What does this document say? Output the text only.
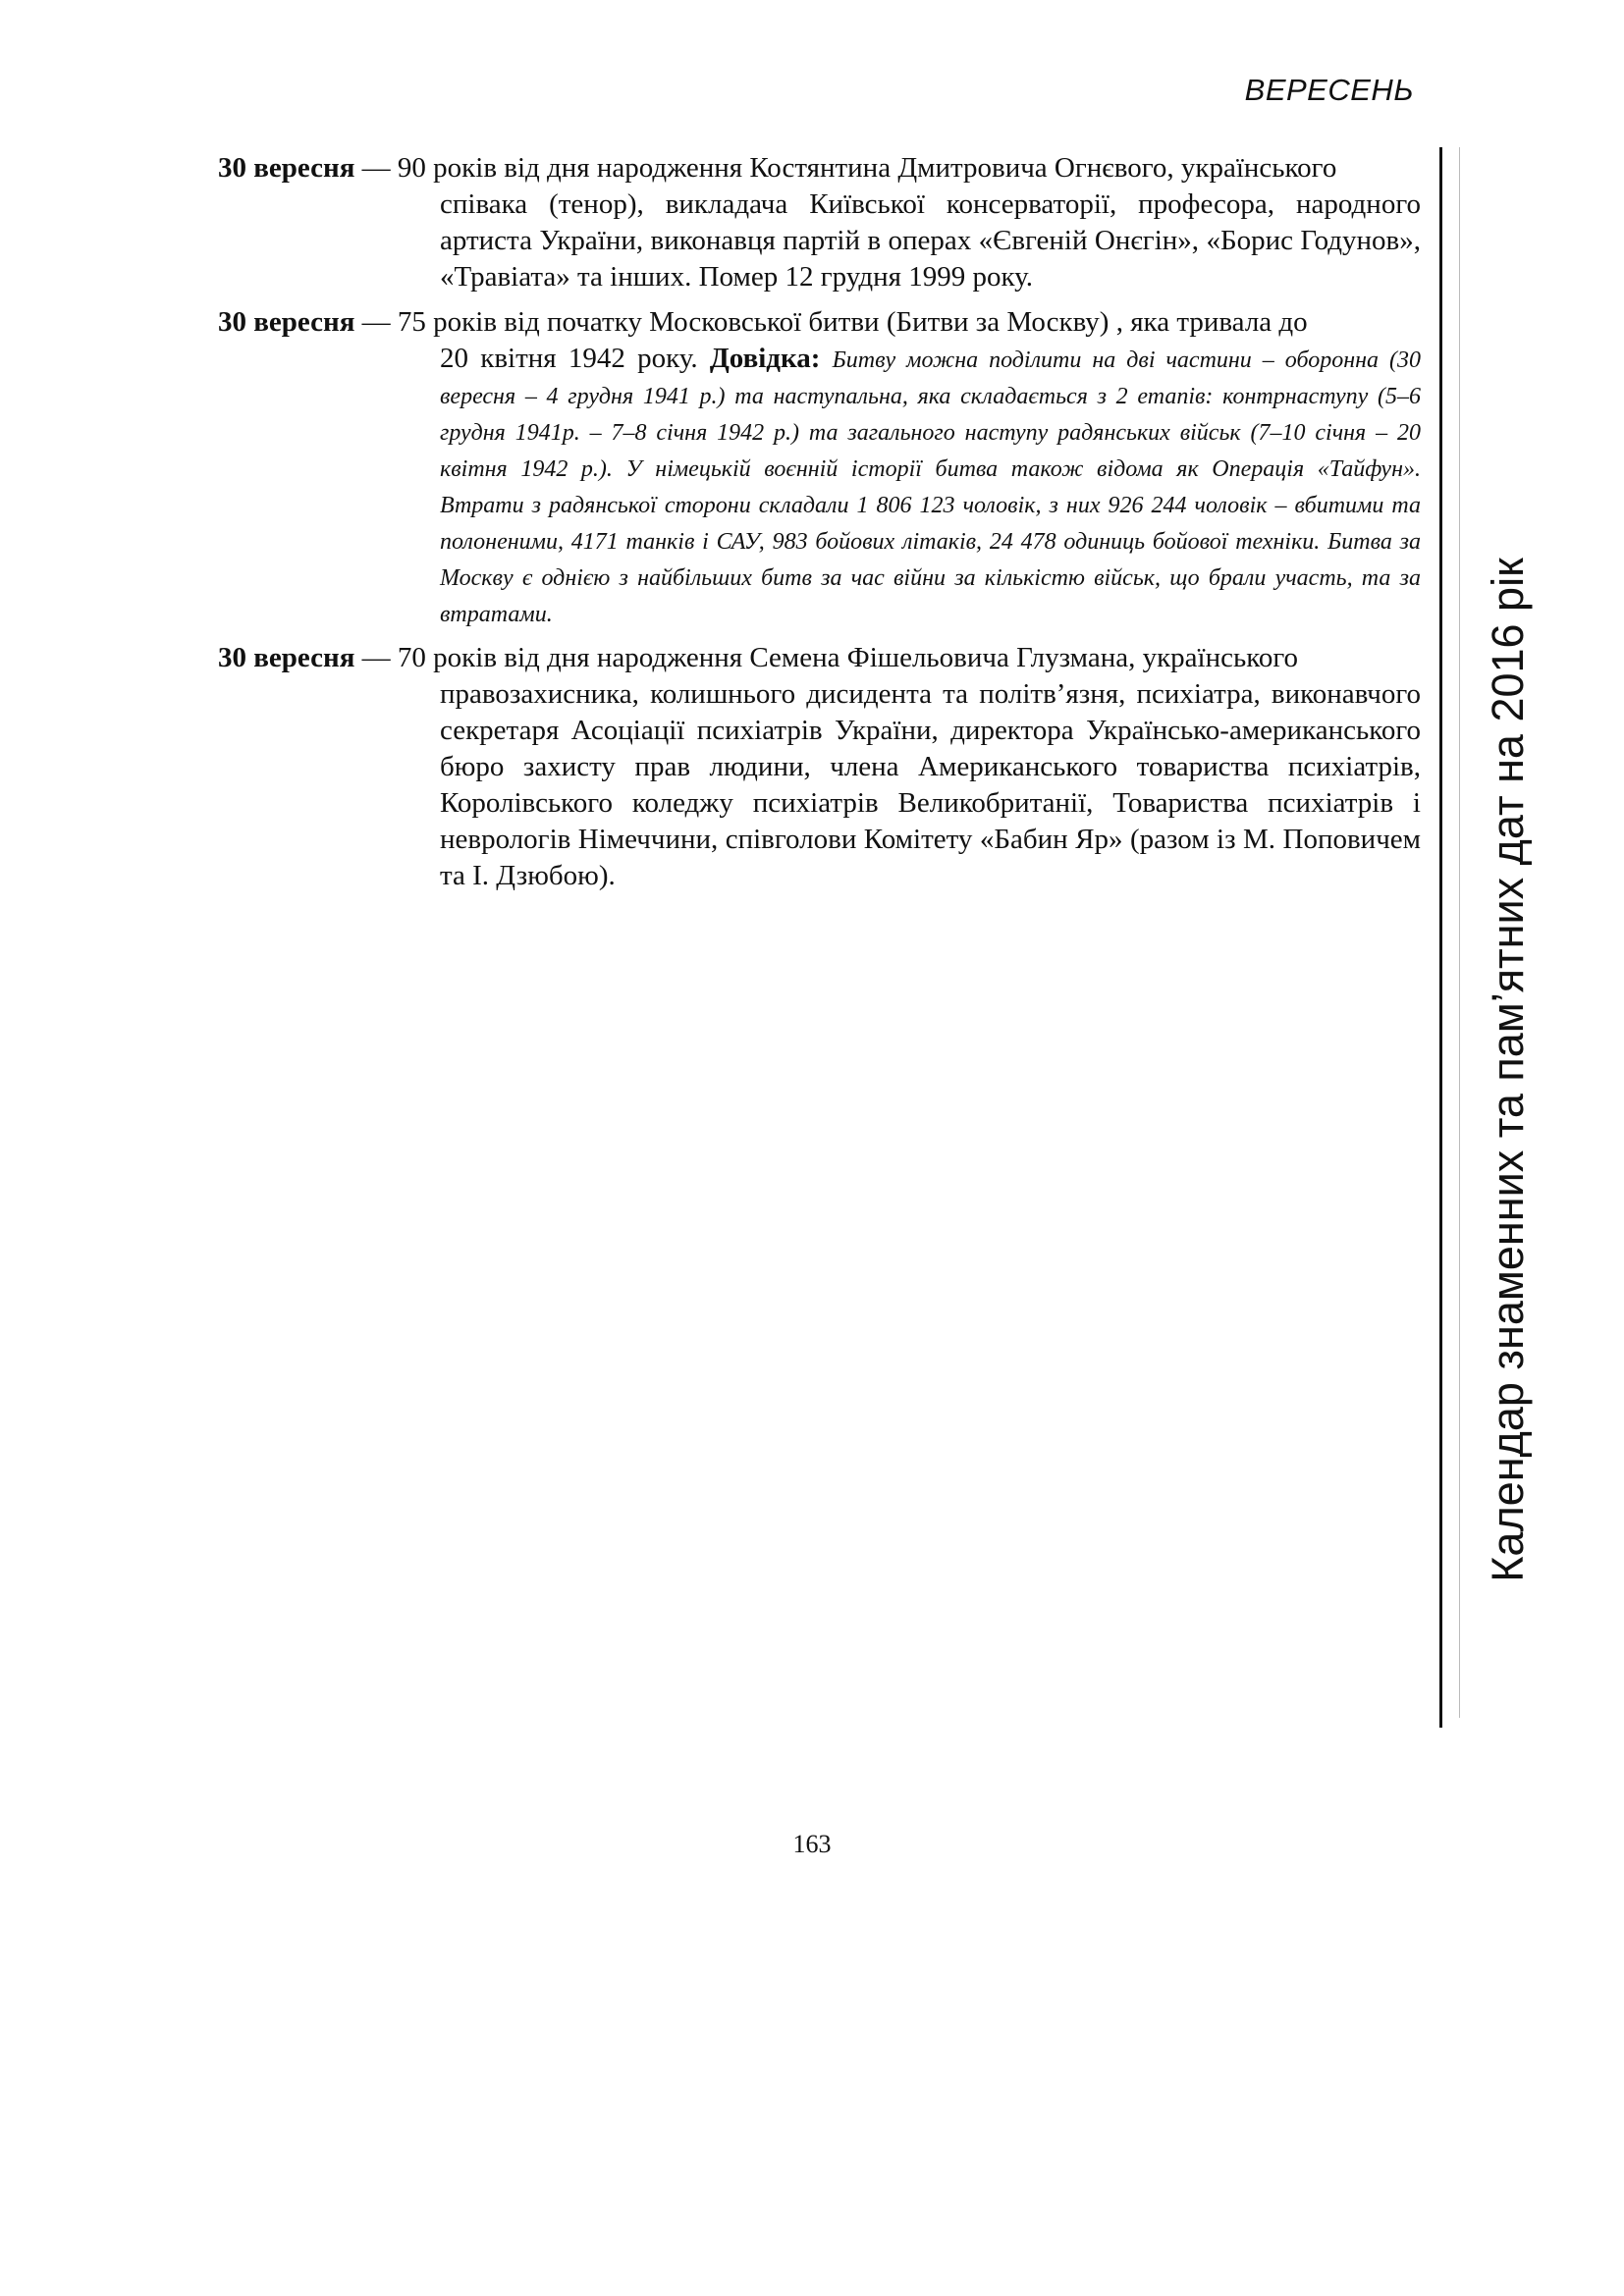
ВЕРЕСЕНЬ
Календар знаменних та пам’ятних дат на 2016 рік
30 вересня — 90 років від дня народження Костянтина Дмитровича Огнєвого, українського
співака (тенор), викладача Київської консерваторії, професора, народного артиста України, виконавця партій в операх «Євгеній Онєгін», «Борис Годунов», «Травіата» та інших. Помер 12 грудня 1999 року.
30 вересня — 75 років від початку Московської битви (Битви за Москву) , яка тривала до
20 квітня 1942 року. Довідка: Битву можна поділити на дві частини – оборонна (30 вересня – 4 грудня 1941 р.) та наступальна, яка складається з 2 етапів: контрнаступу (5–6 грудня 1941р. – 7–8 січня 1942 р.) та загального наступу радянських військ (7–10 січня – 20 квітня 1942 р.). У німецькій воєнній історії битва також відома як Операція «Тайфун». Втрати з радянської сторони складали 1 806 123 чоловік, з них 926 244 чоловік – вбитими та полоненими, 4171 танків і САУ, 983 бойових літаків, 24 478 одиниць бойової техніки. Битва за Москву є однією з найбільших битв за час війни за кількістю військ, що брали участь, та за втратами.
30 вересня — 70 років від дня народження Семена Фішельовича Глузмана, українського
правозахисника, колишнього дисидента та політв’язня, психіатра, виконавчого секретаря Асоціації психіатрів України, директора Українсько-американського бюро захисту прав людини, члена Американського товариства психіатрів, Королівського коледжу психіатрів Великобританії, Товариства психіатрів і неврологів Німеччини, співголови Комітету «Бабин Яр» (разом із М. Поповичем та І. Дзюбою).
163
